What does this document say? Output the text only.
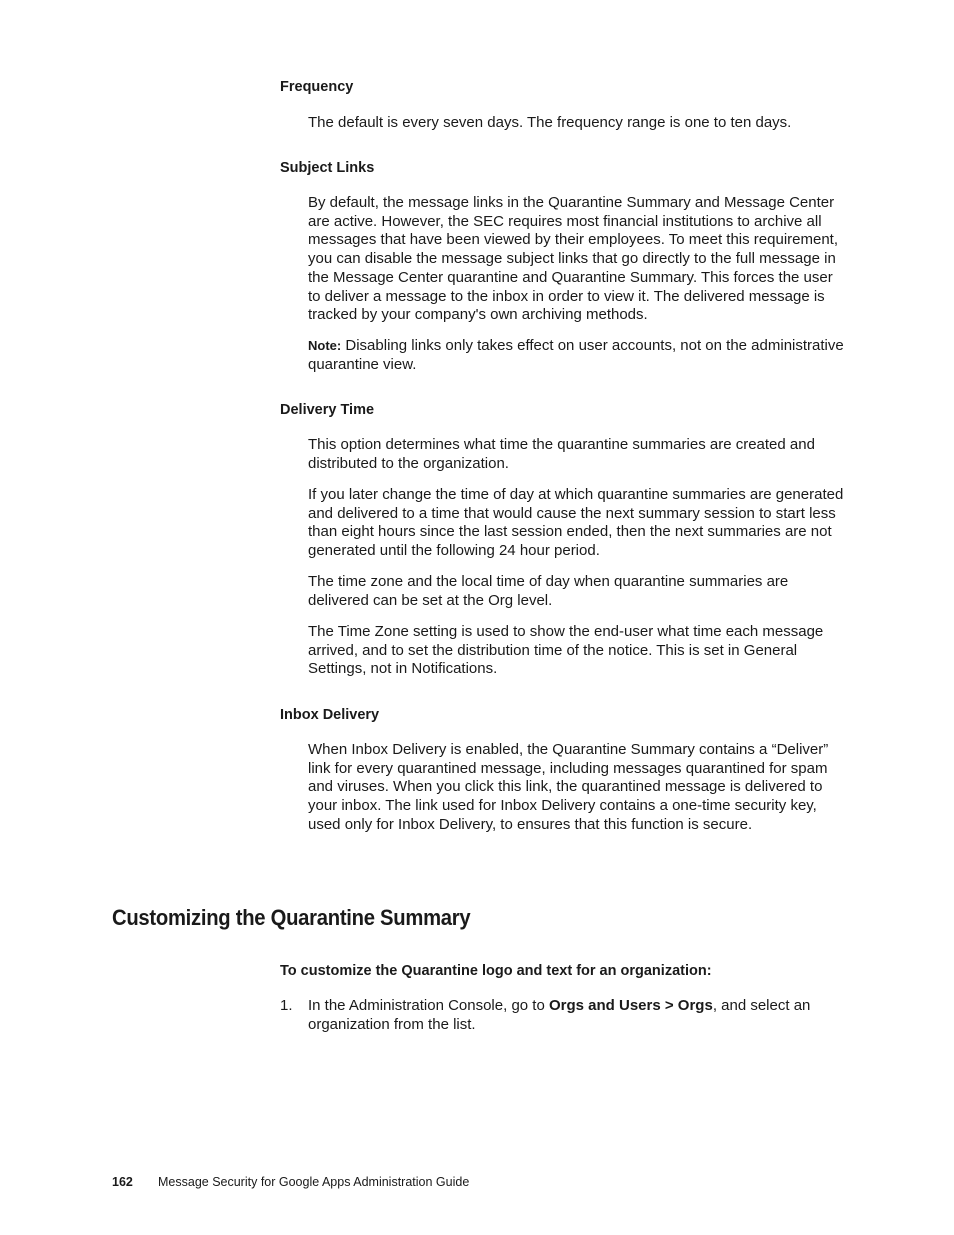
Frequency
The default is every seven days. The frequency range is one to ten days.
Subject Links
By default, the message links in the Quarantine Summary and Message Center are active. However, the SEC requires most financial institutions to archive all messages that have been viewed by their employees. To meet this requirement, you can disable the message subject links that go directly to the full message in the Message Center quarantine and Quarantine Summary. This forces the user to deliver a message to the inbox in order to view it. The delivered message is tracked by your company's own archiving methods.
Note: Disabling links only takes effect on user accounts, not on the administrative quarantine view.
Delivery Time
This option determines what time the quarantine summaries are created and distributed to the organization.
If you later change the time of day at which quarantine summaries are generated and delivered to a time that would cause the next summary session to start less than eight hours since the last session ended, then the next summaries are not generated until the following 24 hour period.
The time zone and the local time of day when quarantine summaries are delivered can be set at the Org level.
The Time Zone setting is used to show the end-user what time each message arrived, and to set the distribution time of the notice. This is set in General Settings, not in Notifications.
Inbox Delivery
When Inbox Delivery is enabled, the Quarantine Summary contains a “Deliver” link for every quarantined message, including messages quarantined for spam and viruses. When you click this link, the quarantined message is delivered to your inbox. The link used for Inbox Delivery contains a one-time security key, used only for Inbox Delivery, to ensures that this function is secure.
Customizing the Quarantine Summary
To customize the Quarantine logo and text for an organization:
1. In the Administration Console, go to Orgs and Users > Orgs, and select an organization from the list.
162 Message Security for Google Apps Administration Guide
